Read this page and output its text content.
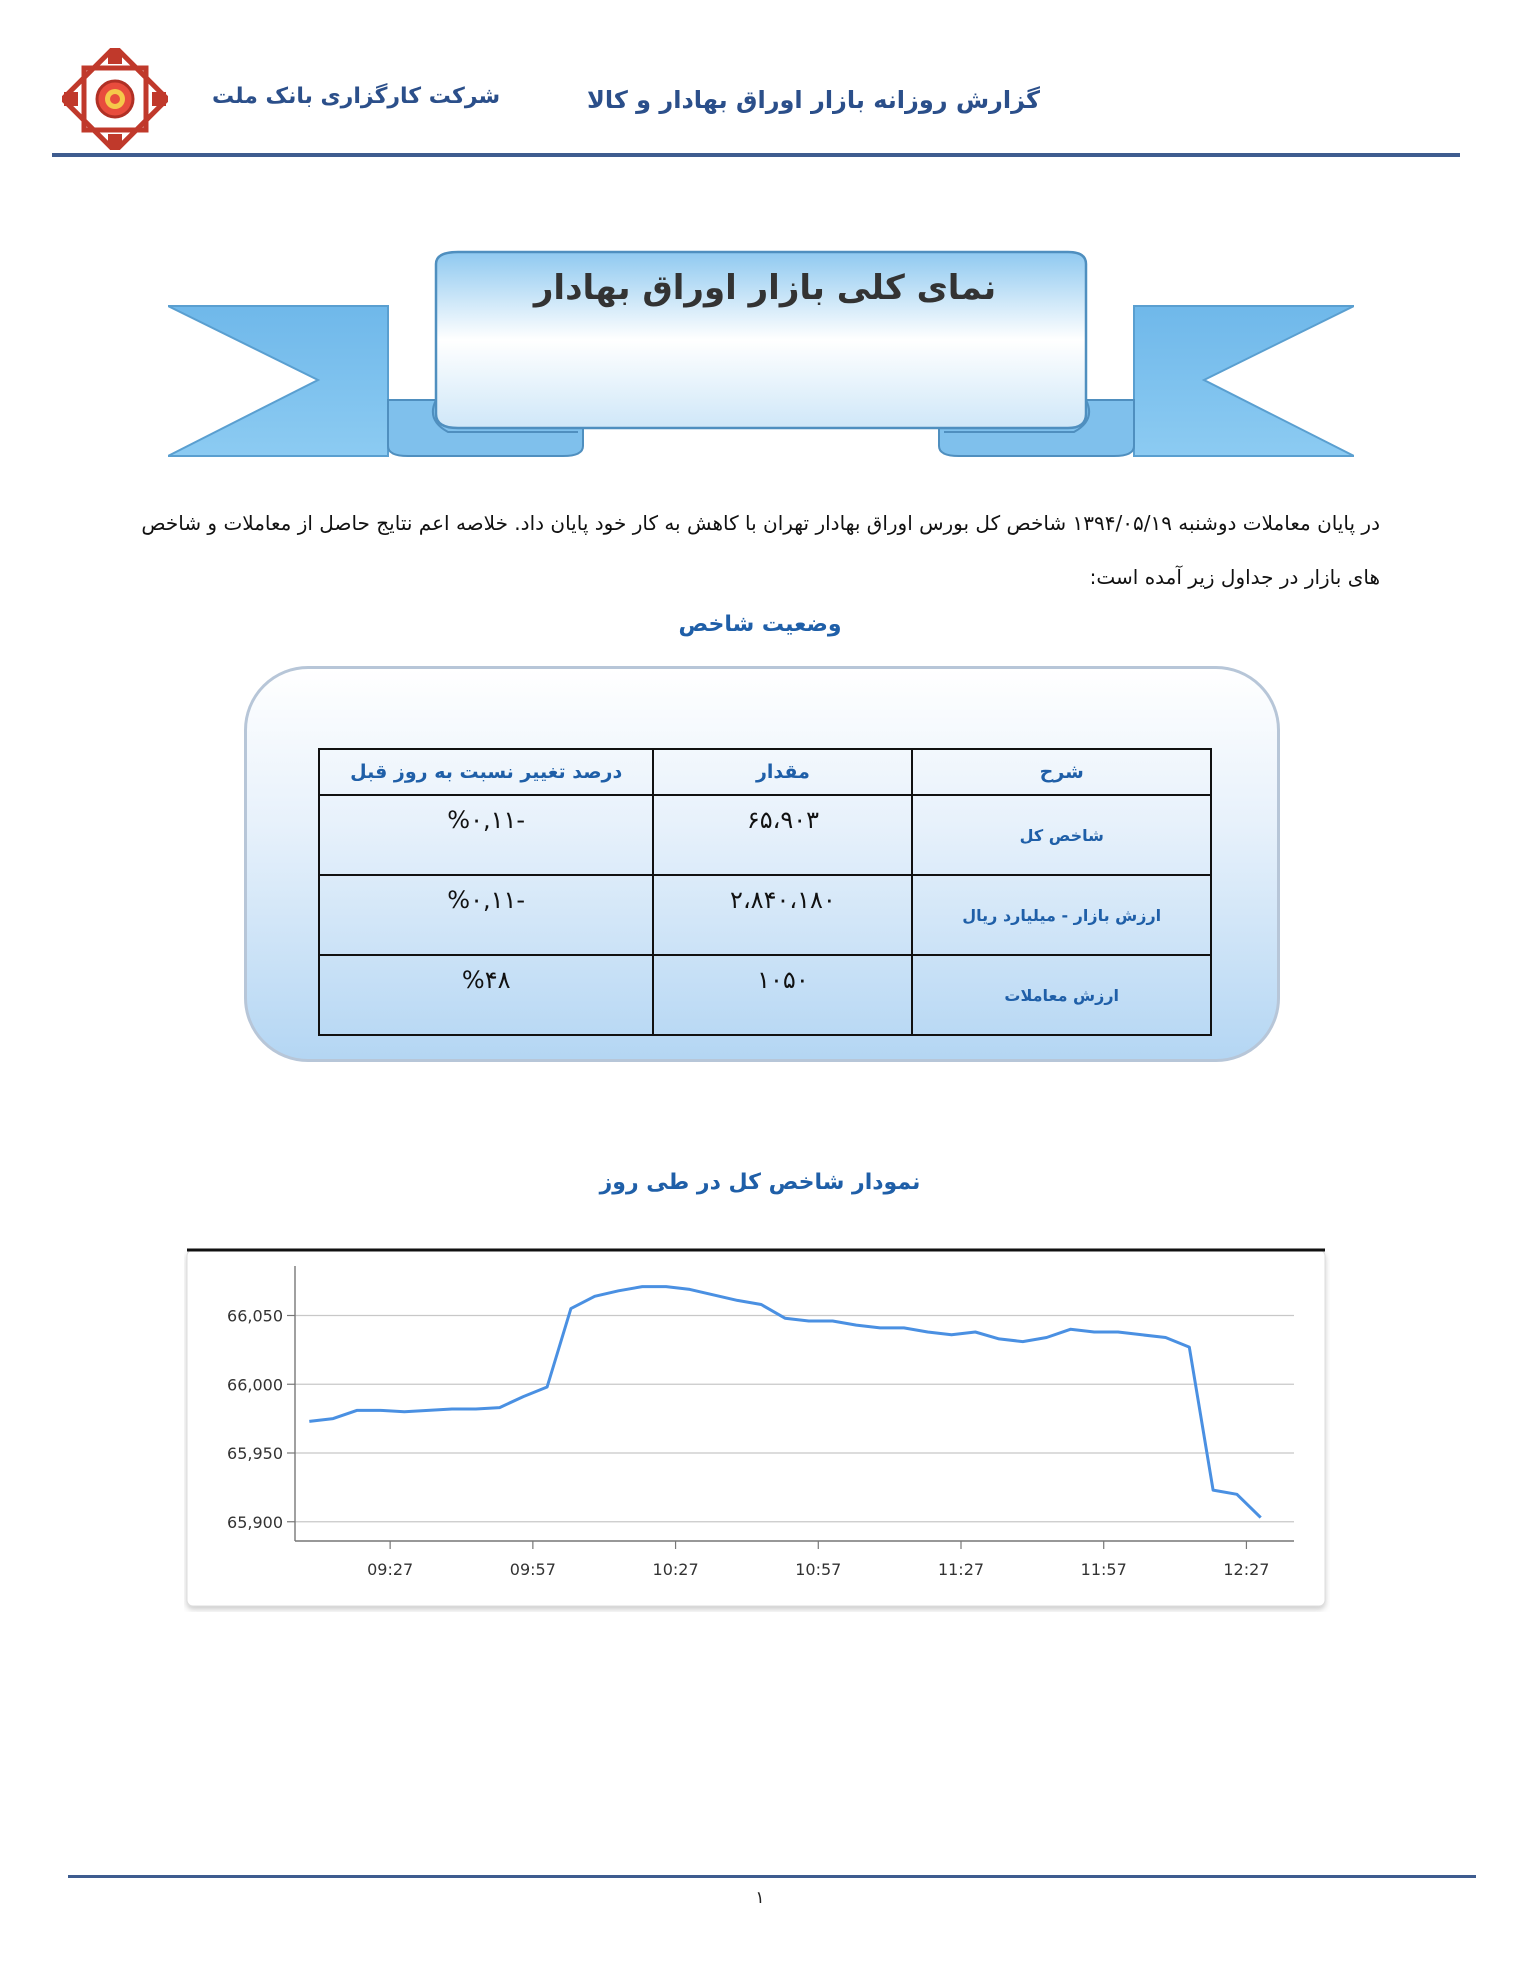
گزارش روزانه بازار اوراق بهادار و کالا
شرکت کارگزاری بانک ملت
نمای کلی بازار اوراق بهادار
در پایان معاملات دوشنبه ۱۳۹۴/۰۵/۱۹ شاخص کل بورس اوراق بهادار تهران با کاهش به کار خود پایان داد. خلاصه اعم نتایج حاصل از معاملات و شاخص های بازار در جداول زیر آمده است:
وضعیت شاخص
شرح	مقدار	درصد تغییر نسبت به روز قبل

شاخص کل	۶۵،۹۰۳	-%۰,۱۱

ارزش بازار - میلیارد ریال	۲،۸۴۰،۱۸۰	-%۰,۱۱

ارزش معاملات	۱۰۵۰	%۴۸
نمودار شاخص کل در طی روز
65,900
65,950
66,000
66,050
09:27	09:57	10:27	10:57	11:27	11:57	12:27
۱
